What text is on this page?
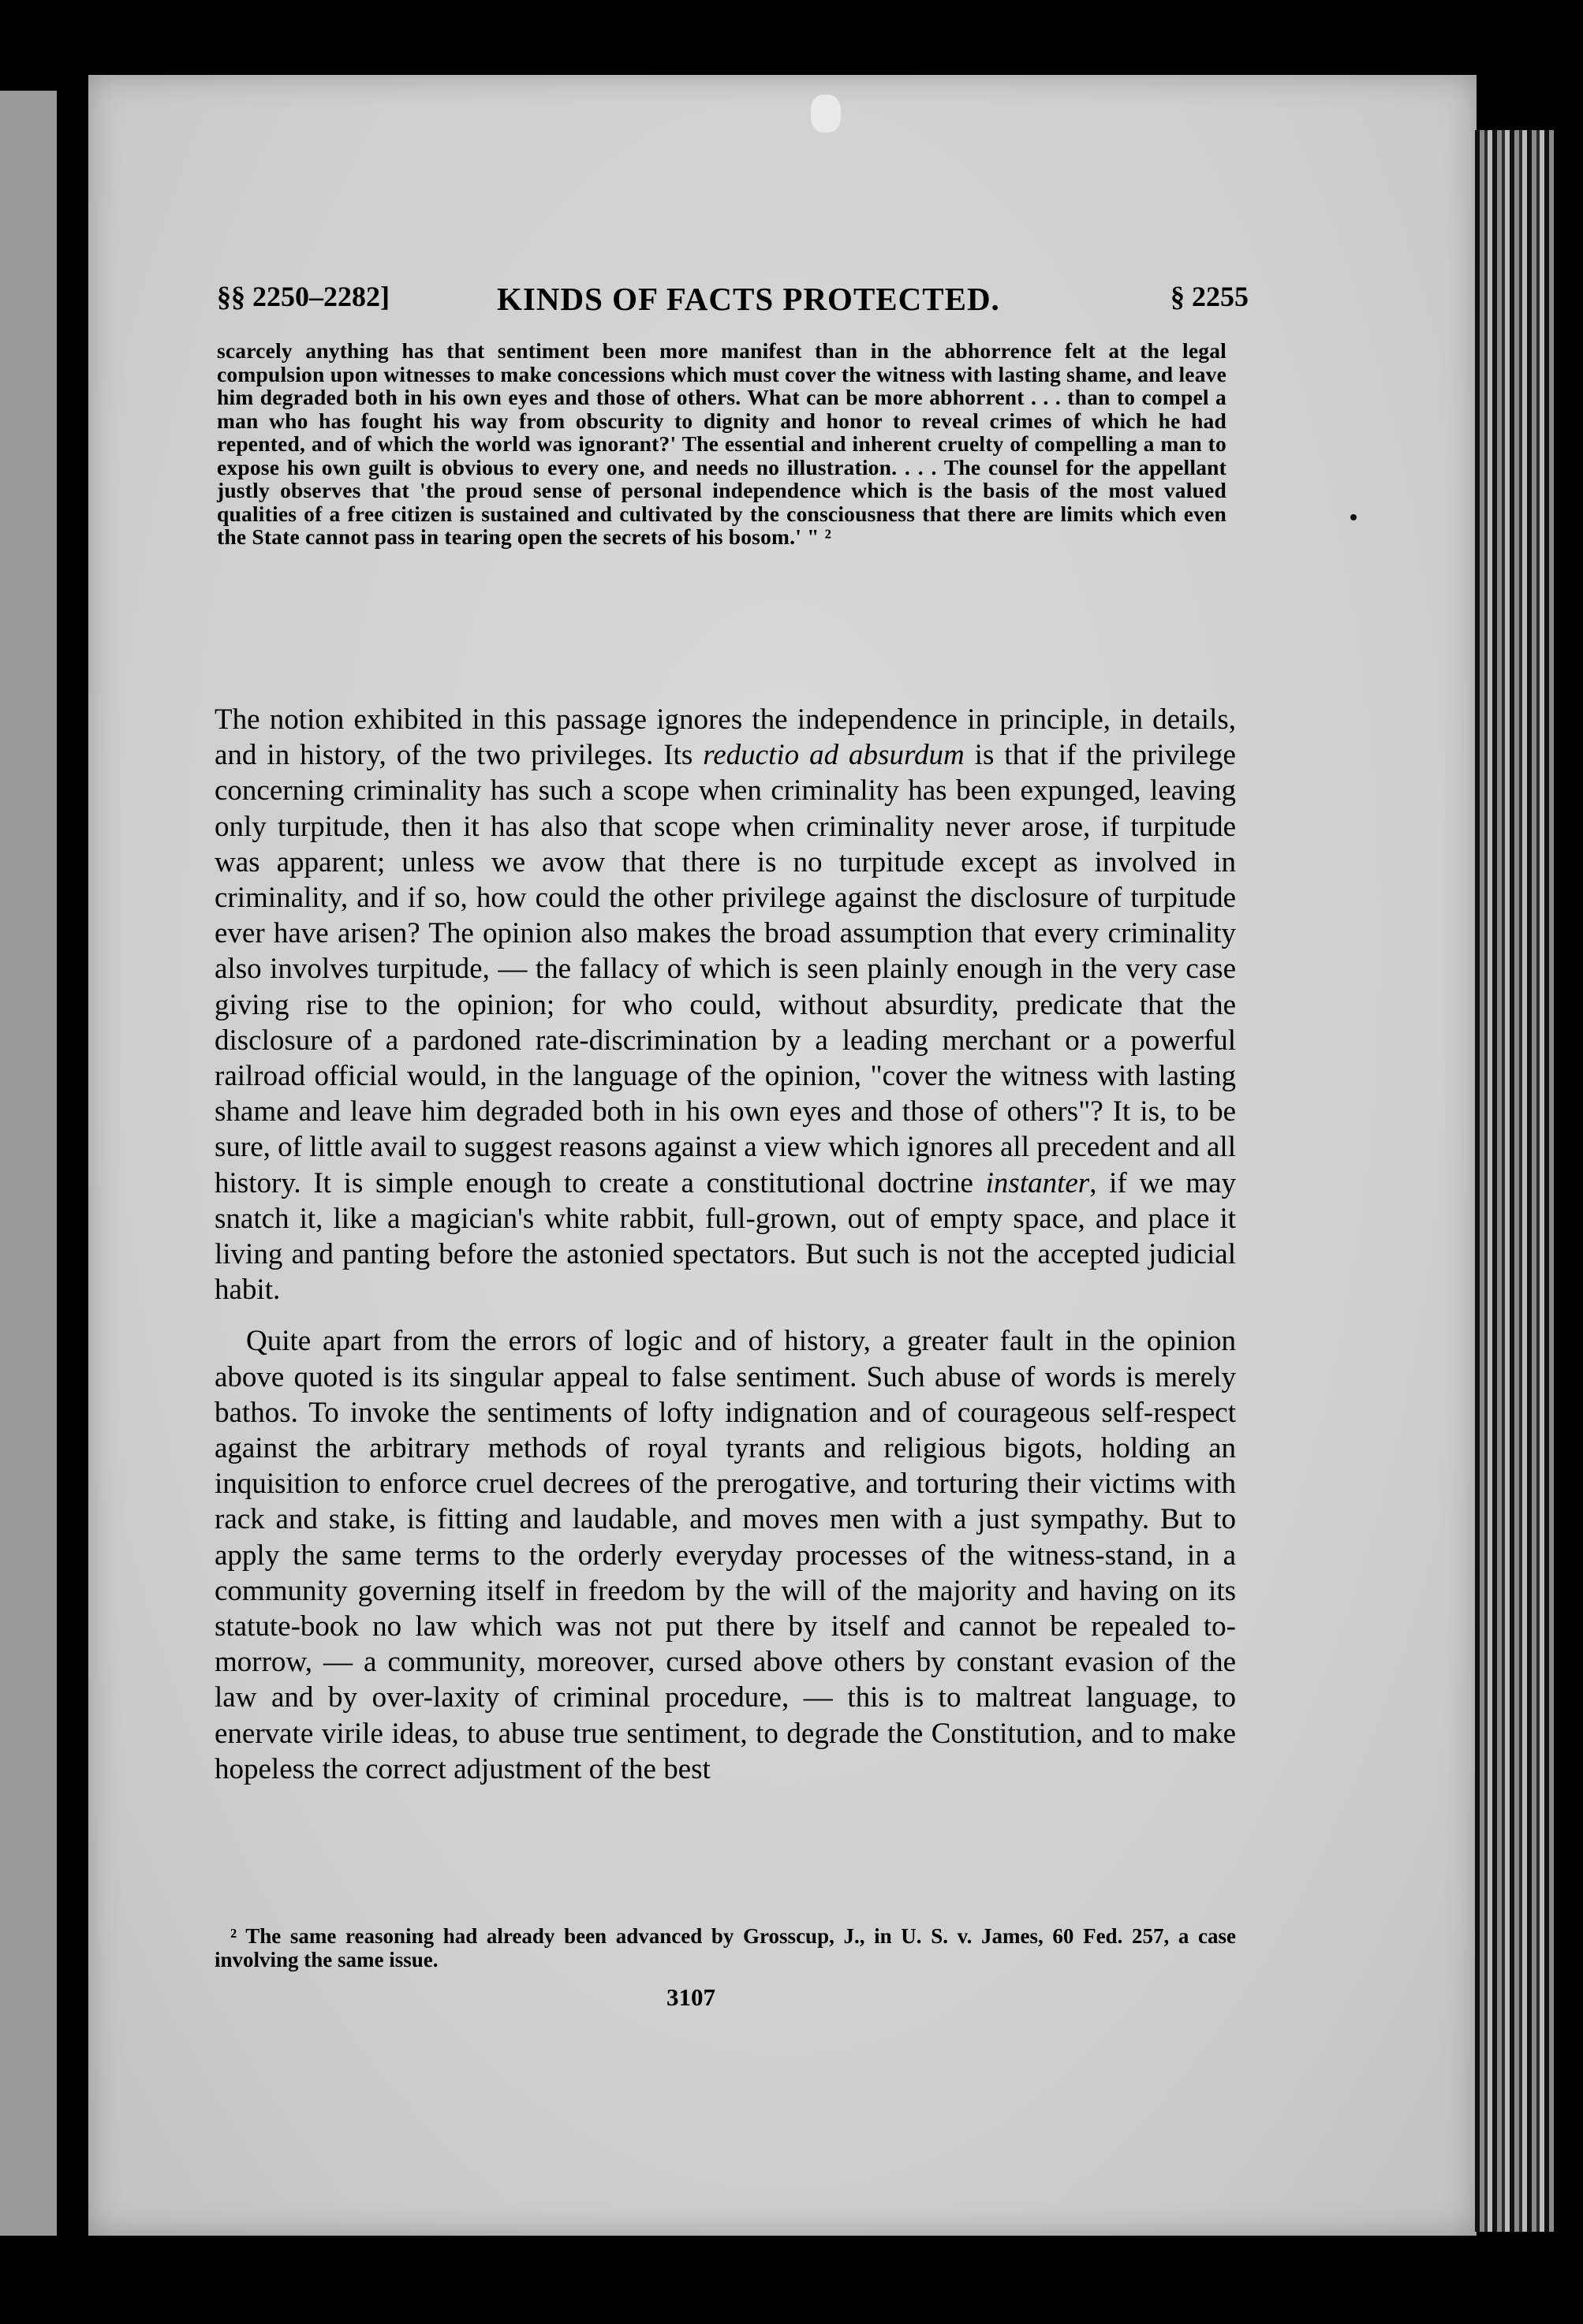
§§ 2250–2282]	KINDS OF FACTS PROTECTED.	§ 2255

scarcely anything has that sentiment been more manifest than in the abhorrence felt at the legal compulsion upon witnesses to make concessions which must cover the witness with lasting shame, and leave him degraded both in his own eyes and those of others. What can be more abhorrent . . . than to compel a man who has fought his way from obscurity to dignity and honor to reveal crimes of which he had repented, and of which the world was ignorant?' The essential and inherent cruelty of compelling a man to expose his own guilt is obvious to every one, and needs no illustration. . . . The counsel for the appellant justly observes that 'the proud sense of personal independence which is the basis of the most valued qualities of a free citizen is sustained and cultivated by the consciousness that there are limits which even the State cannot pass in tearing open the secrets of his bosom.' " ²

The notion exhibited in this passage ignores the independence in principle, in details, and in history, of the two privileges. Its reductio ad absurdum is that if the privilege concerning criminality has such a scope when criminality has been expunged, leaving only turpitude, then it has also that scope when criminality never arose, if turpitude was apparent; unless we avow that there is no turpitude except as involved in criminality, and if so, how could the other privilege against the disclosure of turpitude ever have arisen? The opinion also makes the broad assumption that every criminality also involves turpitude, — the fallacy of which is seen plainly enough in the very case giving rise to the opinion; for who could, without absurdity, predicate that the disclosure of a pardoned rate-discrimination by a leading merchant or a powerful railroad official would, in the language of the opinion, "cover the witness with lasting shame and leave him degraded both in his own eyes and those of others"? It is, to be sure, of little avail to suggest reasons against a view which ignores all precedent and all history. It is simple enough to create a constitutional doctrine instanter, if we may snatch it, like a magician's white rabbit, full-grown, out of empty space, and place it living and panting before the astonied spectators. But such is not the accepted judicial habit.

Quite apart from the errors of logic and of history, a greater fault in the opinion above quoted is its singular appeal to false sentiment. Such abuse of words is merely bathos. To invoke the sentiments of lofty indignation and of courageous self-respect against the arbitrary methods of royal tyrants and religious bigots, holding an inquisition to enforce cruel decrees of the prerogative, and torturing their victims with rack and stake, is fitting and laudable, and moves men with a just sympathy. But to apply the same terms to the orderly everyday processes of the witness-stand, in a community governing itself in freedom by the will of the majority and having on its statute-book no law which was not put there by itself and cannot be repealed to-morrow, — a community, moreover, cursed above others by constant evasion of the law and by over-laxity of criminal procedure, — this is to maltreat language, to enervate virile ideas, to abuse true sentiment, to degrade the Constitution, and to make hopeless the correct adjustment of the best

² The same reasoning had already been advanced by Grosscup, J., in U. S. v. James, 60 Fed. 257, a case involving the same issue.

3107
